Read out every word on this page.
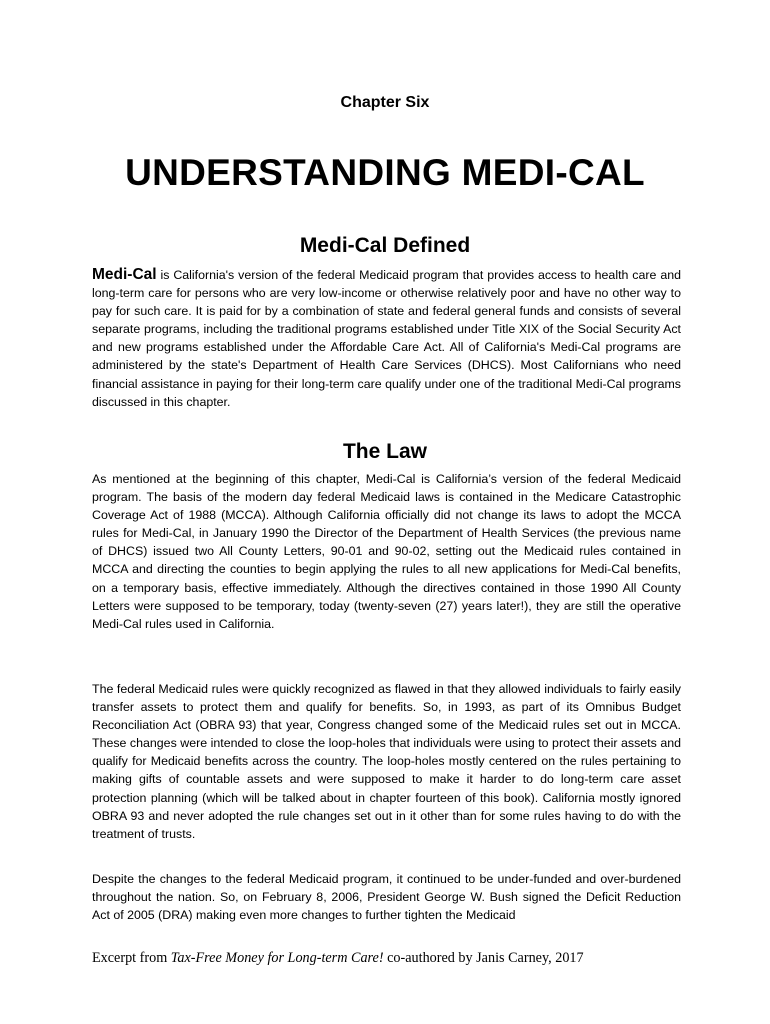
Chapter Six
UNDERSTANDING MEDI-CAL
Medi-Cal Defined

Medi-Cal is California's version of the federal Medicaid program that provides access to health care and long-term care for persons who are very low-income or otherwise relatively poor and have no other way to pay for such care. It is paid for by a combination of state and federal general funds and consists of several separate programs, including the traditional programs established under Title XIX of the Social Security Act and new programs established under the Affordable Care Act. All of California's Medi-Cal programs are administered by the state's Department of Health Care Services (DHCS). Most Californians who need financial assistance in paying for their long-term care qualify under one of the traditional Medi-Cal programs discussed in this chapter.

The Law

As mentioned at the beginning of this chapter, Medi-Cal is California’s version of the federal Medicaid program. The basis of the modern day federal Medicaid laws is contained in the Medicare Catastrophic Coverage Act of 1988 (MCCA). Although California officially did not change its laws to adopt the MCCA rules for Medi-Cal, in January 1990 the Director of the Department of Health Services (the previous name of DHCS) issued two All County Letters, 90-01 and 90-02, setting out the Medicaid rules contained in MCCA and directing the counties to begin applying the rules to all new applications for Medi-Cal benefits, on a temporary basis, effective immediately. Although the directives contained in those 1990 All County Letters were supposed to be temporary, today (twenty-seven (27) years later!), they are still the operative Medi-Cal rules used in California.

The federal Medicaid rules were quickly recognized as flawed in that they allowed individuals to fairly easily transfer assets to protect them and qualify for benefits. So, in 1993, as part of its Omnibus Budget Reconciliation Act (OBRA 93) that year, Congress changed some of the Medicaid rules set out in MCCA. These changes were intended to close the loop-holes that individuals were using to protect their assets and qualify for Medicaid benefits across the country. The loop-holes mostly centered on the rules pertaining to making gifts of countable assets and were supposed to make it harder to do long-term care asset protection planning (which will be talked about in chapter fourteen of this book). California mostly ignored OBRA 93 and never adopted the rule changes set out in it other than for some rules having to do with the treatment of trusts.

Despite the changes to the federal Medicaid program, it continued to be under-funded and over-burdened throughout the nation. So, on February 8, 2006, President George W. Bush signed the Deficit Reduction Act of 2005 (DRA) making even more changes to further tighten the Medicaid

Excerpt from Tax-Free Money for Long-term Care! co-authored by Janis Carney, 2017
